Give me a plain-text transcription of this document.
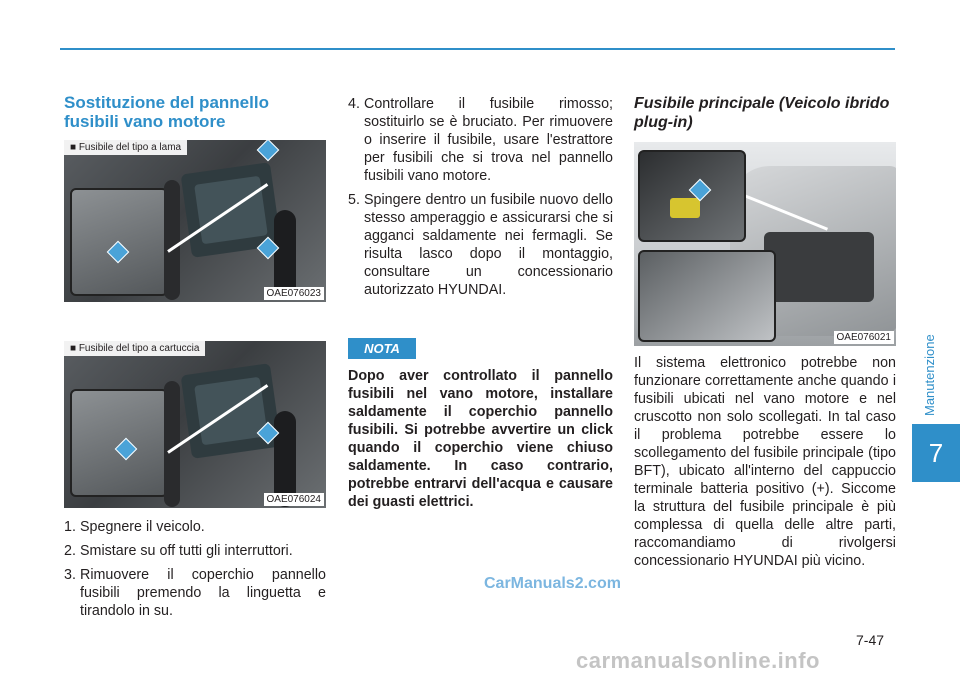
Manutenzione
7
Sostituzione del pannello fusibili vano motore
■ Fusibile del tipo a lama
OAE076023
■ Fusibile del tipo a cartuccia
OAE076024
1. Spegnere il veicolo.
2. Smistare su off tutti gli interruttori.
3. Rimuovere il coperchio pannello fusibili premendo la linguetta e tirandolo in su.
4. Controllare il fusibile rimosso; sostituirlo se è bruciato. Per rimuovere o inserire il fusibile, usare l'estrattore per fusibili che si trova nel pannello fusibili vano motore.
5. Spingere dentro un fusibile nuovo dello stesso amperaggio e assicurarsi che si agganci saldamente nei fermagli. Se risulta lasco dopo il montaggio, consultare un concessionario autorizzato HYUNDAI.
NOTA
Dopo aver controllato il pannello fusibili nel vano motore, installare saldamente il coperchio pannello fusibili. Si potrebbe avvertire un click quando il coperchio viene chiuso saldamente. In caso contrario, potrebbe entrarvi dell'acqua e causare dei guasti elettrici.
Fusibile principale (Veicolo ibrido plug-in)
OAE076021
Il sistema elettronico potrebbe non funzionare correttamente anche quando i fusibili ubicati nel vano motore e nel cruscotto non solo scollegati. In tal caso il problema potrebbe essere lo scollegamento del fusibile principale (tipo BFT), ubicato all'interno del cappuccio terminale batteria positivo (+). Siccome la struttura del fusibile principale è più complessa di quella delle altre parti, raccomandiamo di rivolgersi concessionario HYUNDAI più vicino.
CarManuals2.com
7-47
carmanualsonline.info
